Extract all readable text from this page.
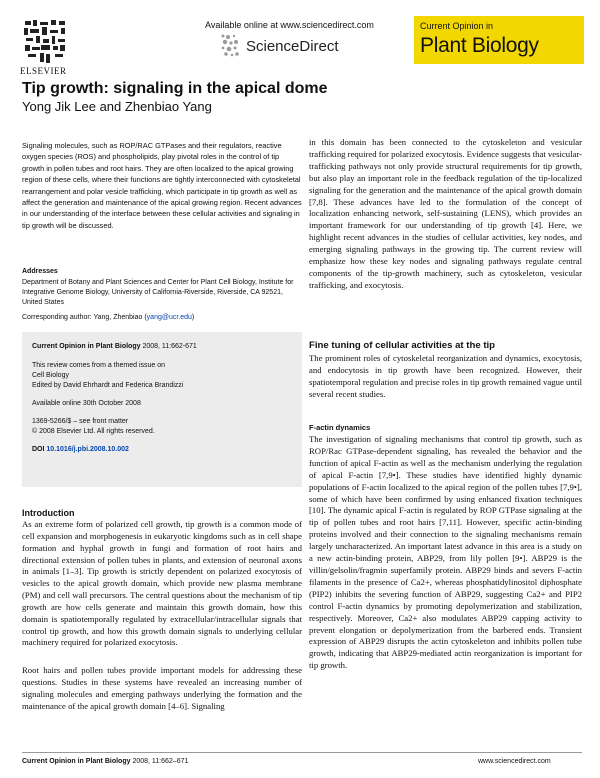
ELSEVIER
Available online at www.sciencedirect.com
ScienceDirect
Current Opinion in
Plant Biology
Tip growth: signaling in the apical dome
Yong Jik Lee and Zhenbiao Yang

Signaling molecules, such as ROP/RAC GTPases and their regulators, reactive oxygen species (ROS) and phospholipids, play pivotal roles in the control of tip growth in pollen tubes and root hairs. They are often localized to the apical growing region of these cells, where their functions are tightly interconnected with cytoskeletal rearrangement and polar vesicle trafficking, which participate in tip growth as well as affect the generation and maintenance of the apical growing region. Recent advances in our understanding of the interface between these cellular activities and signaling in tip growth will be discussed.

Addresses

Department of Botany and Plant Sciences and Center for Plant Cell Biology, Institute for Integrative Genome Biology, University of California-Riverside, Riverside, CA 92521, United States

Corresponding author: Yang, Zhenbiao (yang@ucr.edu)
Current Opinion in Plant Biology 2008, 11:662-671
This review comes from a themed issue on
Cell Biology
Edited by David Ehrhardt and Federica Brandizzi
Available online 30th October 2008
1369-5266/$ – see front matter
© 2008 Elsevier Ltd. All rights reserved.
DOI 10.1016/j.pbi.2008.10.002
Introduction

As an extreme form of polarized cell growth, tip growth is a common mode of cell expansion and morphogenesis in eukaryotic kingdoms such as in cell shape formation and hyphal growth in fungi and formation of root hairs and directional extension of pollen tubes in plants, and extension of neuronal axons in animals [1–3]. Tip growth is strictly dependent on polarized exocytosis of vesicles to the apical growth domain, which provide new plasma membrane (PM) and cell wall precursors. The central questions about the mechanism of tip growth are how cells generate and maintain this growth domain, how this domain is spatiotemporally regulated by extracellular/intracellular signals that control tip growth, and how this growth domain signals to underlying cellular machinery required for polarized exocytosis.

Root hairs and pollen tubes provide important models for addressing these questions. Studies in these systems have revealed an increasing number of signaling molecules and emerging pathways underlying the formation and the maintenance of the apical growth domain [4–6]. Signaling

in this domain has been connected to the cytoskeleton and vesicular trafficking required for polarized exocytosis. Evidence suggests that vesicular-trafficking pathways not only provide structural requirements for tip growth, but also play an important role in the feedback regulation of the tip-localized signaling for the generation and the maintenance of the apical growth domain [7,8]. These advances have led to the formulation of the concept of localization enhancing network, self-sustaining (LENS), which provides an important framework for our understanding of tip growth [4]. Here, we highlight recent advances in the studies of cellular activities, key nodes, and emerging signaling pathways in the growing tip. The current review will emphasize how these key nodes and signaling pathways regulate central components of the tip-growth machinery, such as cytoskeleton, vesicular trafficking, and exocytosis.

Fine tuning of cellular activities at the tip

The prominent roles of cytoskeletal reorganization and dynamics, exocytosis, and endocytosis in tip growth have been recognized. However, their spatiotemporal regulation and precise roles in tip growth remained vague until several recent studies.

F-actin dynamics

The investigation of signaling mechanisms that control tip growth, such as ROP/Rac GTPase-dependent signaling, has revealed the behavior and the function of apical F-actin as well as the mechanism underlying the regulation of apical F-actin [7,9•]. These studies have identified highly dynamic populations of F-actin localized to the apical region of the pollen tubes [7,9•], some of which have been confirmed by using enhanced fixation techniques [10]. The dynamic apical F-actin is regulated by ROP GTPase signaling at the tip of pollen tubes and root hairs [7,11]. However, specific actin-binding proteins involved and their connection to the signaling mechanisms remain largely uncharacterized. An important latest advance in this area is a study on a new actin-binding protein, ABP29, from lily pollen [9•]. ABP29 is the villin/gelsolin/fragmin superfamily protein. ABP29 binds and severs F-actin filaments in the presence of Ca2+, whereas phosphatidylinositol diphosphate (PIP2) inhibits the severing function of ABP29, suggesting Ca2+ and PIP2 control F-actin dynamics by promoting depolymerization and stabilization, respectively. Moreover, Ca2+ also modulates ABP29 capping activity to prevent elongation or depolymerization from the barbered ends. Transient expression of ABP29 disrupts the actin cytoskeleton and inhibits pollen tube growth, indicating that ABP29-mediated actin reorganization is important for tip growth.

Current Opinion in Plant Biology 2008, 11:662–671	www.sciencedirect.com
